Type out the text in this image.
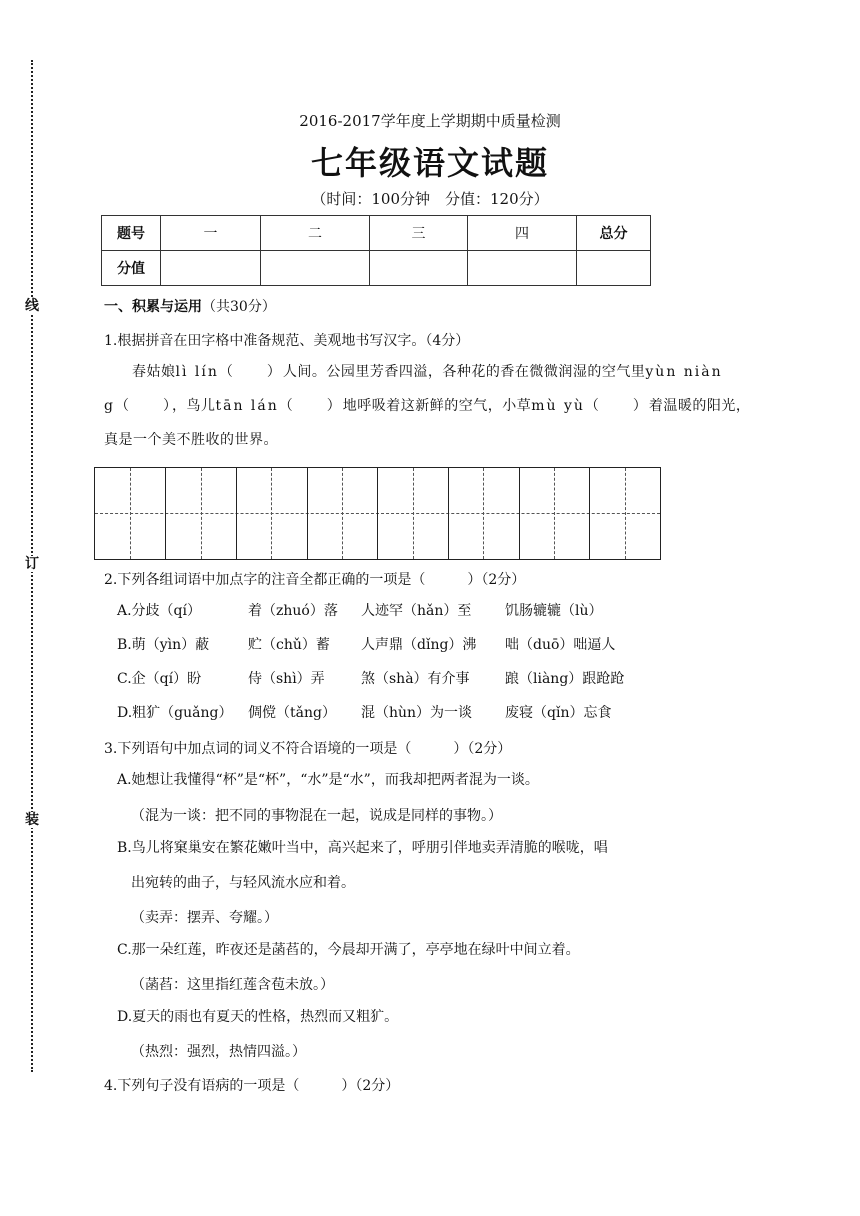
线
订
装
2016-2017学年度上学期期中质量检测
七年级语文试题
（时间：100分钟　分值：120分）
题号	一	二	三	四	总分
分值					
一、积累与运用（共30分）
1.根据拼音在田字格中准备规范、美观地书写汉字。（4分）
春姑娘lì lín（　　）人间。公园里芳香四溢，各种花的香在微微润湿的空气里yùn niàn
g（　　），鸟儿tān lán（　　）地呼吸着这新鲜的空气，小草mù yù（　　）着温暖的阳光，
真是一个美不胜收的世界。
2.下列各组词语中加点字的注音全都正确的一项是（　　　）（2分）
A.分歧（qí）	着（zhuó）落 人迹罕（hǎn）至 饥肠辘辘（lù）
B.萌（yìn）蔽	贮（chǔ）蓄 人声鼎（dǐng）沸 咄（duō）咄逼人
C.企（qí）盼	侍（shì）弄	煞（shà）有介事	踉（liàng）跟跄跄
D.粗犷（guǎng） 倜傥（tǎng） 混（hùn）为一谈 废寝（qǐn）忘食
3.下列语句中加点词的词义不符合语境的一项是（　　　）（2分）
A.她想让我懂得“杯”是“杯”，“水”是“水”，而我却把两者混为一谈。
（混为一谈：把不同的事物混在一起，说成是同样的事物。）
B.鸟儿将窠巢安在繁花嫩叶当中，高兴起来了，呼朋引伴地卖弄清脆的喉咙，唱
出宛转的曲子，与轻风流水应和着。
（卖弄：摆弄、夸耀。）
C.那一朵红莲，昨夜还是菡萏的，今晨却开满了，亭亭地在绿叶中间立着。
（菡萏：这里指红莲含苞未放。）
D.夏天的雨也有夏天的性格，热烈而又粗犷。
（热烈：强烈，热情四溢。）
4.下列句子没有语病的一项是（　　　）（2分）
